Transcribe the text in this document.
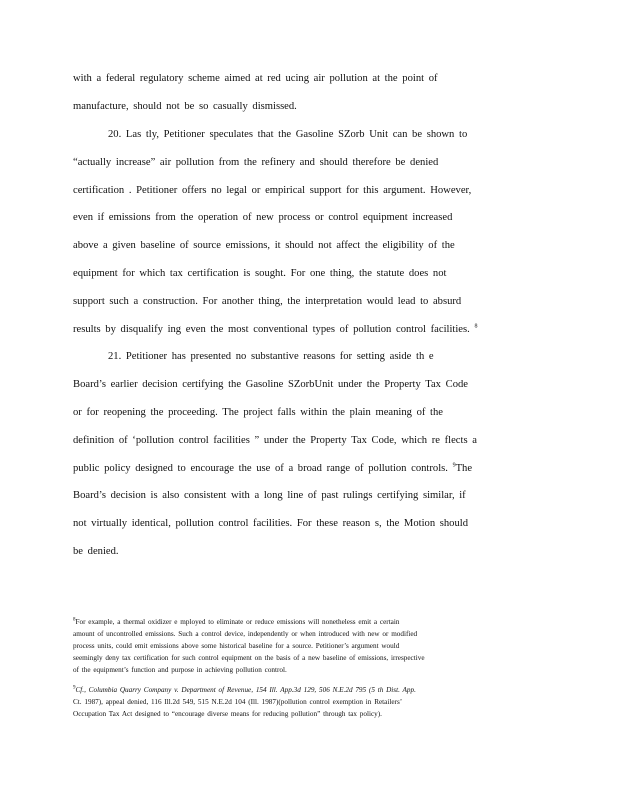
with a federal regulatory scheme aimed at red ucing air pollution at the point of
manufacture, should not be so casually dismissed.
20. Las tly, Petitioner speculates that the Gasoline SZorb Unit can be shown to
“actually increase” air pollution from the refinery and should therefore be denied
certification . Petitioner offers no legal or empirical support for this argument. However,
even if emissions from the operation of new process or control equipment increased
above a given baseline of source emissions, it should not affect the eligibility of the
equipment for which tax certification is sought. For one thing, the statute does not
support such a construction. For another thing, the interpretation would lead to absurd
results by disqualify ing even the most conventional types of pollution control facilities. $^8$
21. Petitioner has presented no substantive reasons for setting aside th e
Board’s earlier decision certifying the Gasoline SZorbUnit under the Property Tax Code
or for reopening the proceeding. The project falls within the plain meaning of the
definition of ‘pollution control facilities ” under the Property Tax Code, which re flects a
public policy designed to encourage the use of a broad range of pollution controls. $^9$The
Board’s decision is also consistent with a long line of past rulings certifying similar, if
not virtually identical, pollution control facilities. For these reason s, the Motion should
be denied.
$^8$For example, a thermal oxidizer e mployed to eliminate or reduce emissions will nonetheless emit a certain
amount of uncontrolled emissions. Such a control device, independently or when introduced with new or modified
process units, could emit emissions above some historical baseline for a source. Petitioner’s argument would
seemingly deny tax certification for such control equipment on the basis of a new baseline of emissions, irrespective
of the equipment’s function and purpose in achieving pollution control.
$^9$Cf., Columbia Quarry Company v. Department of Revenue, 154 Ill. App.3d 129, 506 N.E.2d 795 (5 th Dist. App.
Ct. 1987), appeal denied, 116 Ill.2d 549, 515 N.E.2d 104 (Ill. 1987)(pollution control exemption in Retailers’
Occupation Tax Act designed to “encourage diverse means for reducing pollution” through tax policy).
